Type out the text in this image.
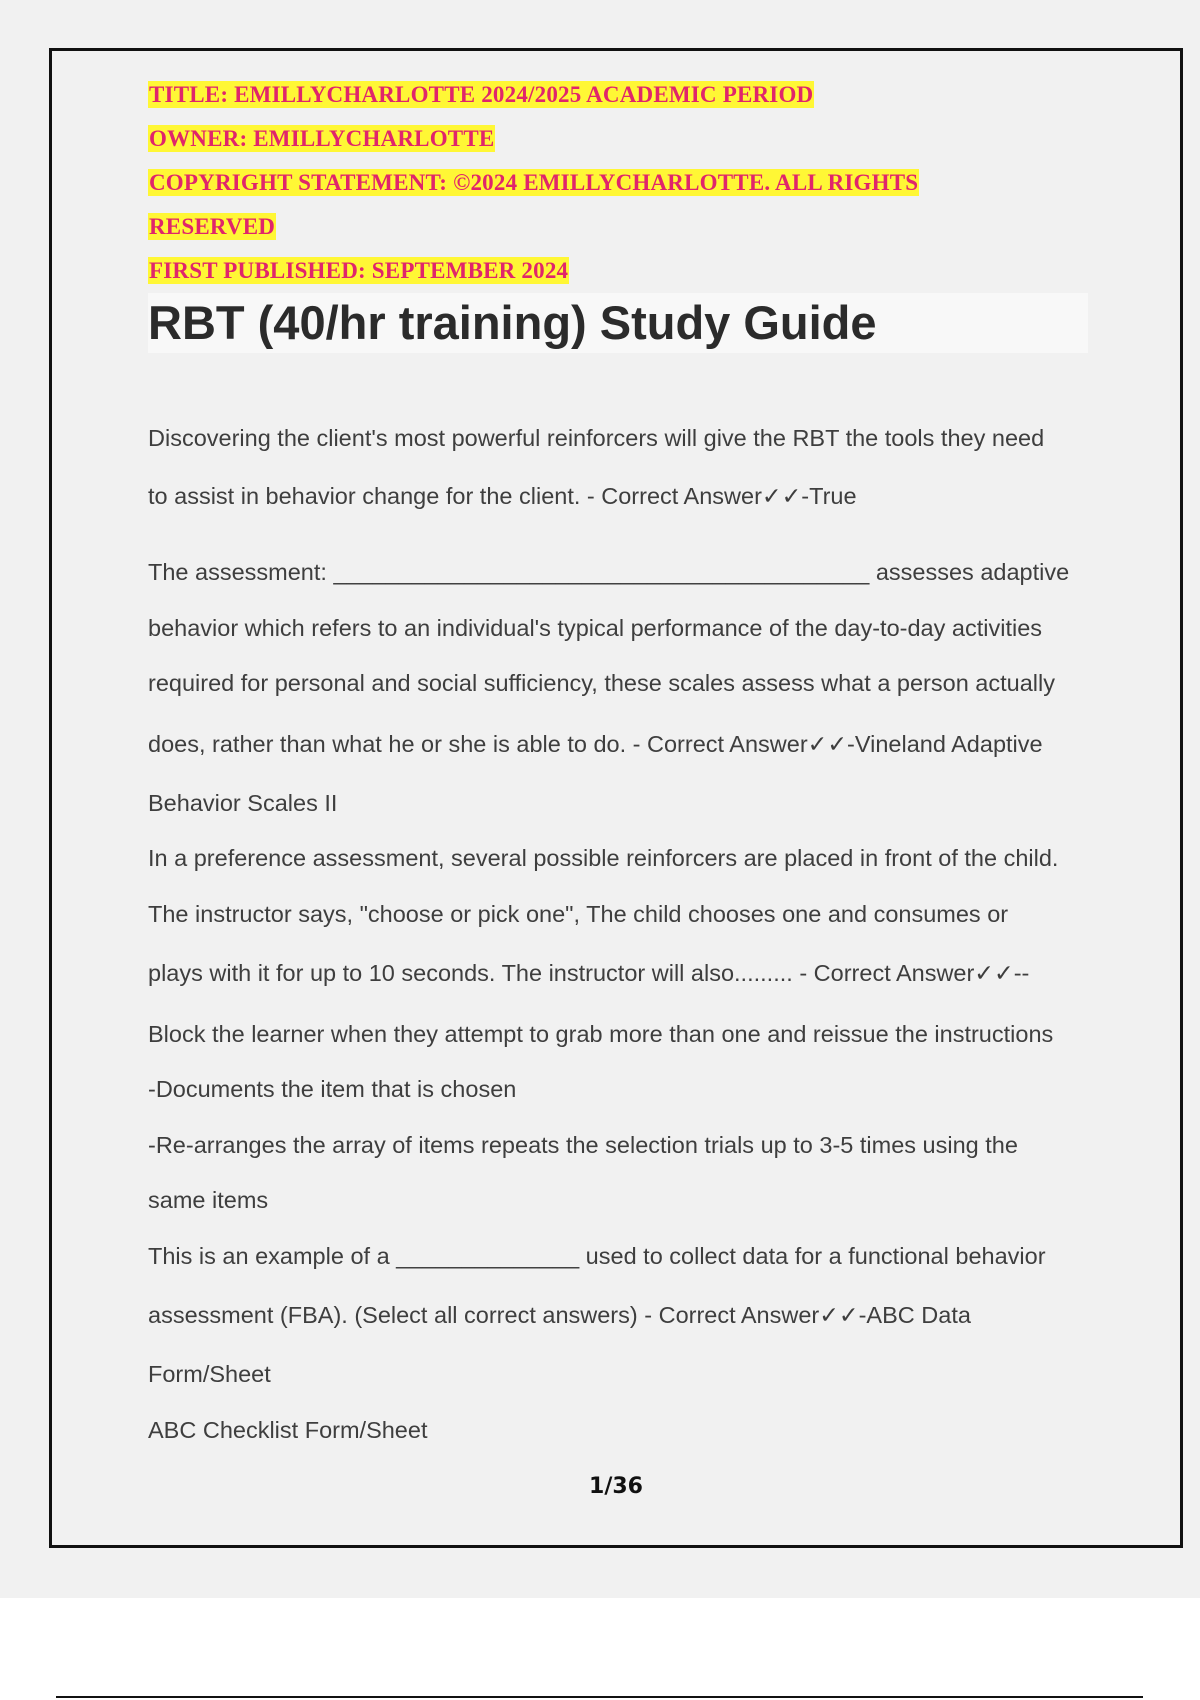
TITLE: EMILLYCHARLOTTE 2024/2025 ACADEMIC PERIOD
OWNER: EMILLYCHARLOTTE
COPYRIGHT STATEMENT: ©2024 EMILLYCHARLOTTE. ALL RIGHTS
RESERVED
FIRST PUBLISHED: SEPTEMBER 2024
RBT (40/hr training) Study Guide
Discovering the client's most powerful reinforcers will give the RBT the tools they need
to assist in behavior change for the client. - Correct Answer✓✓-True
The assessment: _________________________________________ assesses adaptive
behavior which refers to an individual's typical performance of the day-to-day activities
required for personal and social sufficiency, these scales assess what a person actually
does, rather than what he or she is able to do. - Correct Answer✓✓-Vineland Adaptive
Behavior Scales II
In a preference assessment, several possible reinforcers are placed in front of the child.
The instructor says, "choose or pick one", The child chooses one and consumes or
plays with it for up to 10 seconds. The instructor will also......... - Correct Answer✓✓--
Block the learner when they attempt to grab more than one and reissue the instructions
-Documents the item that is chosen
-Re-arranges the array of items repeats the selection trials up to 3-5 times using the
same items
This is an example of a ______________ used to collect data for a functional behavior
assessment (FBA). (Select all correct answers) - Correct Answer✓✓-ABC Data
Form/Sheet
ABC Checklist Form/Sheet
1/36
